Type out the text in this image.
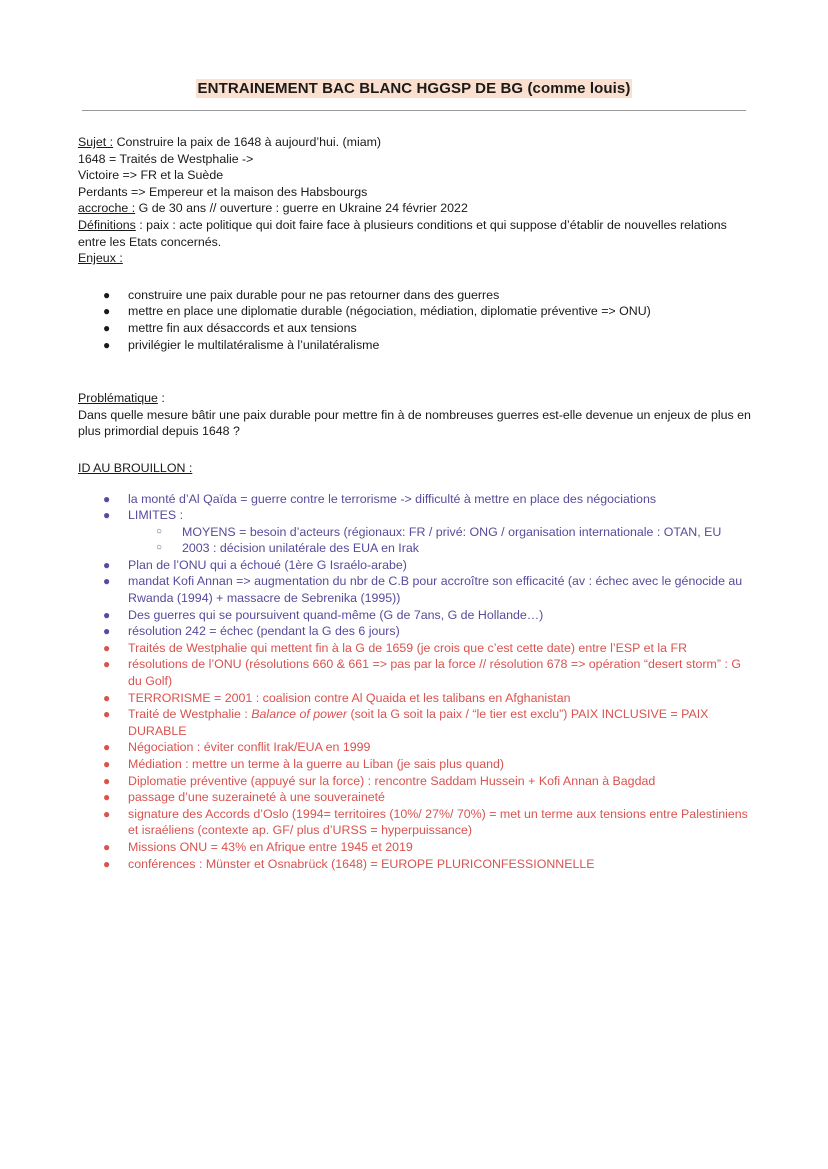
ENTRAINEMENT BAC BLANC HGGSP DE BG (comme louis)
Sujet : Construire la paix de 1648 à aujourd’hui. (miam)
1648 = Traités de Westphalie ->
Victoire => FR et la Suède
Perdants => Empereur et la maison des Habsbourgs
accroche : G de 30 ans // ouverture : guerre en Ukraine 24 février 2022
Définitions : paix : acte politique qui doit faire face à plusieurs conditions et qui suppose d’établir de nouvelles relations entre les Etats concernés.
Enjeux :
● construire une paix durable pour ne pas retourner dans des guerres
● mettre en place une diplomatie durable (négociation, médiation, diplomatie préventive => ONU)
● mettre fin aux désaccords et aux tensions
● privilégier le multilatéralisme à l’unilatéralisme
Problématique :
Dans quelle mesure bâtir une paix durable pour mettre fin à de nombreuses guerres est-elle devenue un enjeux de plus en plus primordial depuis 1648 ?
ID AU BROUILLON :
● la monté d’Al Qaïda = guerre contre le terrorisme -> difficulté à mettre en place des négociations
● LIMITES :
○ MOYENS = besoin d’acteurs (régionaux: FR / privé: ONG / organisation internationale : OTAN, EU
○ 2003 : décision unilatérale des EUA en Irak
● Plan de l’ONU qui a échoué (1ère G Israélo-arabe)
● mandat Kofi Annan => augmentation du nbr de C.B pour accroître son efficacité (av : échec avec le génocide au Rwanda (1994) + massacre de Sebrenika (1995))
● Des guerres qui se poursuivent quand-même (G de 7ans, G de Hollande…)
● résolution 242 = échec (pendant la G des 6 jours)
● Traités de Westphalie qui mettent fin à la G de 1659 (je crois que c’est cette date) entre l’ESP et la FR
● résolutions de l’ONU (résolutions 660 & 661 => pas par la force // résolution 678 => opération “desert storm” : G du Golf)
● TERRORISME = 2001 : coalision contre Al Quaida et les talibans en Afghanistan
● Traité de Westphalie : Balance of power (soit la G soit la paix / “le tier est exclu”) PAIX INCLUSIVE = PAIX DURABLE
● Négociation : éviter conflit Irak/EUA en 1999
● Médiation : mettre un terme à la guerre au Liban (je sais plus quand)
● Diplomatie préventive (appuyé sur la force) : rencontre Saddam Hussein + Kofi Annan à Bagdad
● passage d’une suzeraineté à une souveraineté
● signature des Accords d’Oslo (1994= territoires (10%/ 27%/ 70%) = met un terme aux tensions entre Palestiniens et israéliens (contexte ap. GF/ plus d’URSS = hyperpuissance)
● Missions ONU = 43% en Afrique entre 1945 et 2019
● conférences : Münster et Osnabrück (1648) = EUROPE PLURICONFESSIONNELLE
